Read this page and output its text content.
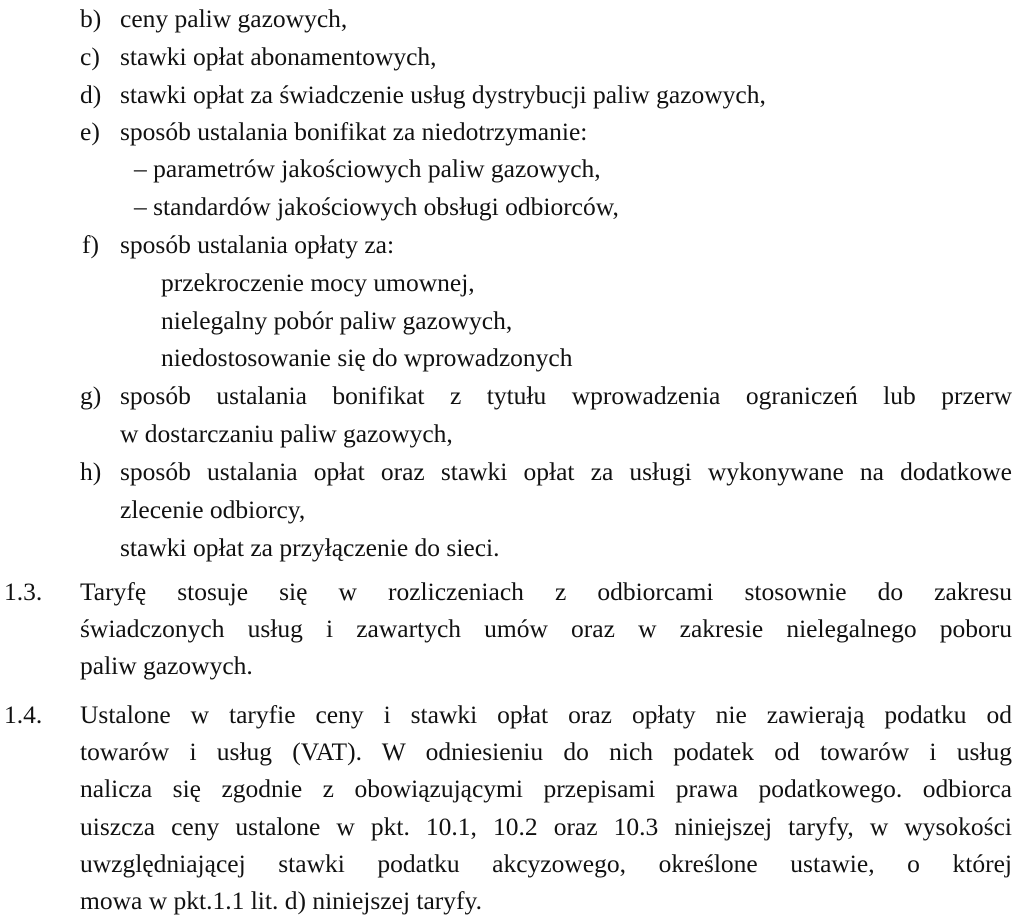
b) ceny paliw gazowych,
c) stawki opłat abonamentowych,
d) stawki opłat za świadczenie usług dystrybucji paliw gazowych,
e) sposób ustalania bonifikat za niedotrzymanie:
– parametrów jakościowych paliw gazowych,
– standardów jakościowych obsługi odbiorców,
f) sposób ustalania opłaty za:
przekroczenie mocy umownej,
nielegalny pobór paliw gazowych,
niedostosowanie się do wprowadzonych
g) sposób ustalania bonifikat z tytułu wprowadzenia ograniczeń lub przerw
w dostarczaniu paliw gazowych,
h) sposób ustalania opłat oraz stawki opłat za usługi wykonywane na dodatkowe
zlecenie odbiorcy,
stawki opłat za przyłączenie do sieci.
1.3. Taryfę stosuje się w rozliczeniach z odbiorcami stosownie do zakresu
świadczonych usług i zawartych umów oraz w zakresie nielegalnego poboru
paliw gazowych.
1.4. Ustalone w taryfie ceny i stawki opłat oraz opłaty nie zawierają podatku od
towarów i usług (VAT). W odniesieniu do nich podatek od towarów i usług
nalicza się zgodnie z obowiązującymi przepisami prawa podatkowego. odbiorca
uiszcza ceny ustalone w pkt. 10.1, 10.2 oraz 10.3 niniejszej taryfy, w wysokości
uwzględniającej stawki podatku akcyzowego, określone ustawie, o której
mowa w pkt.1.1 lit. d) niniejszej taryfy.
